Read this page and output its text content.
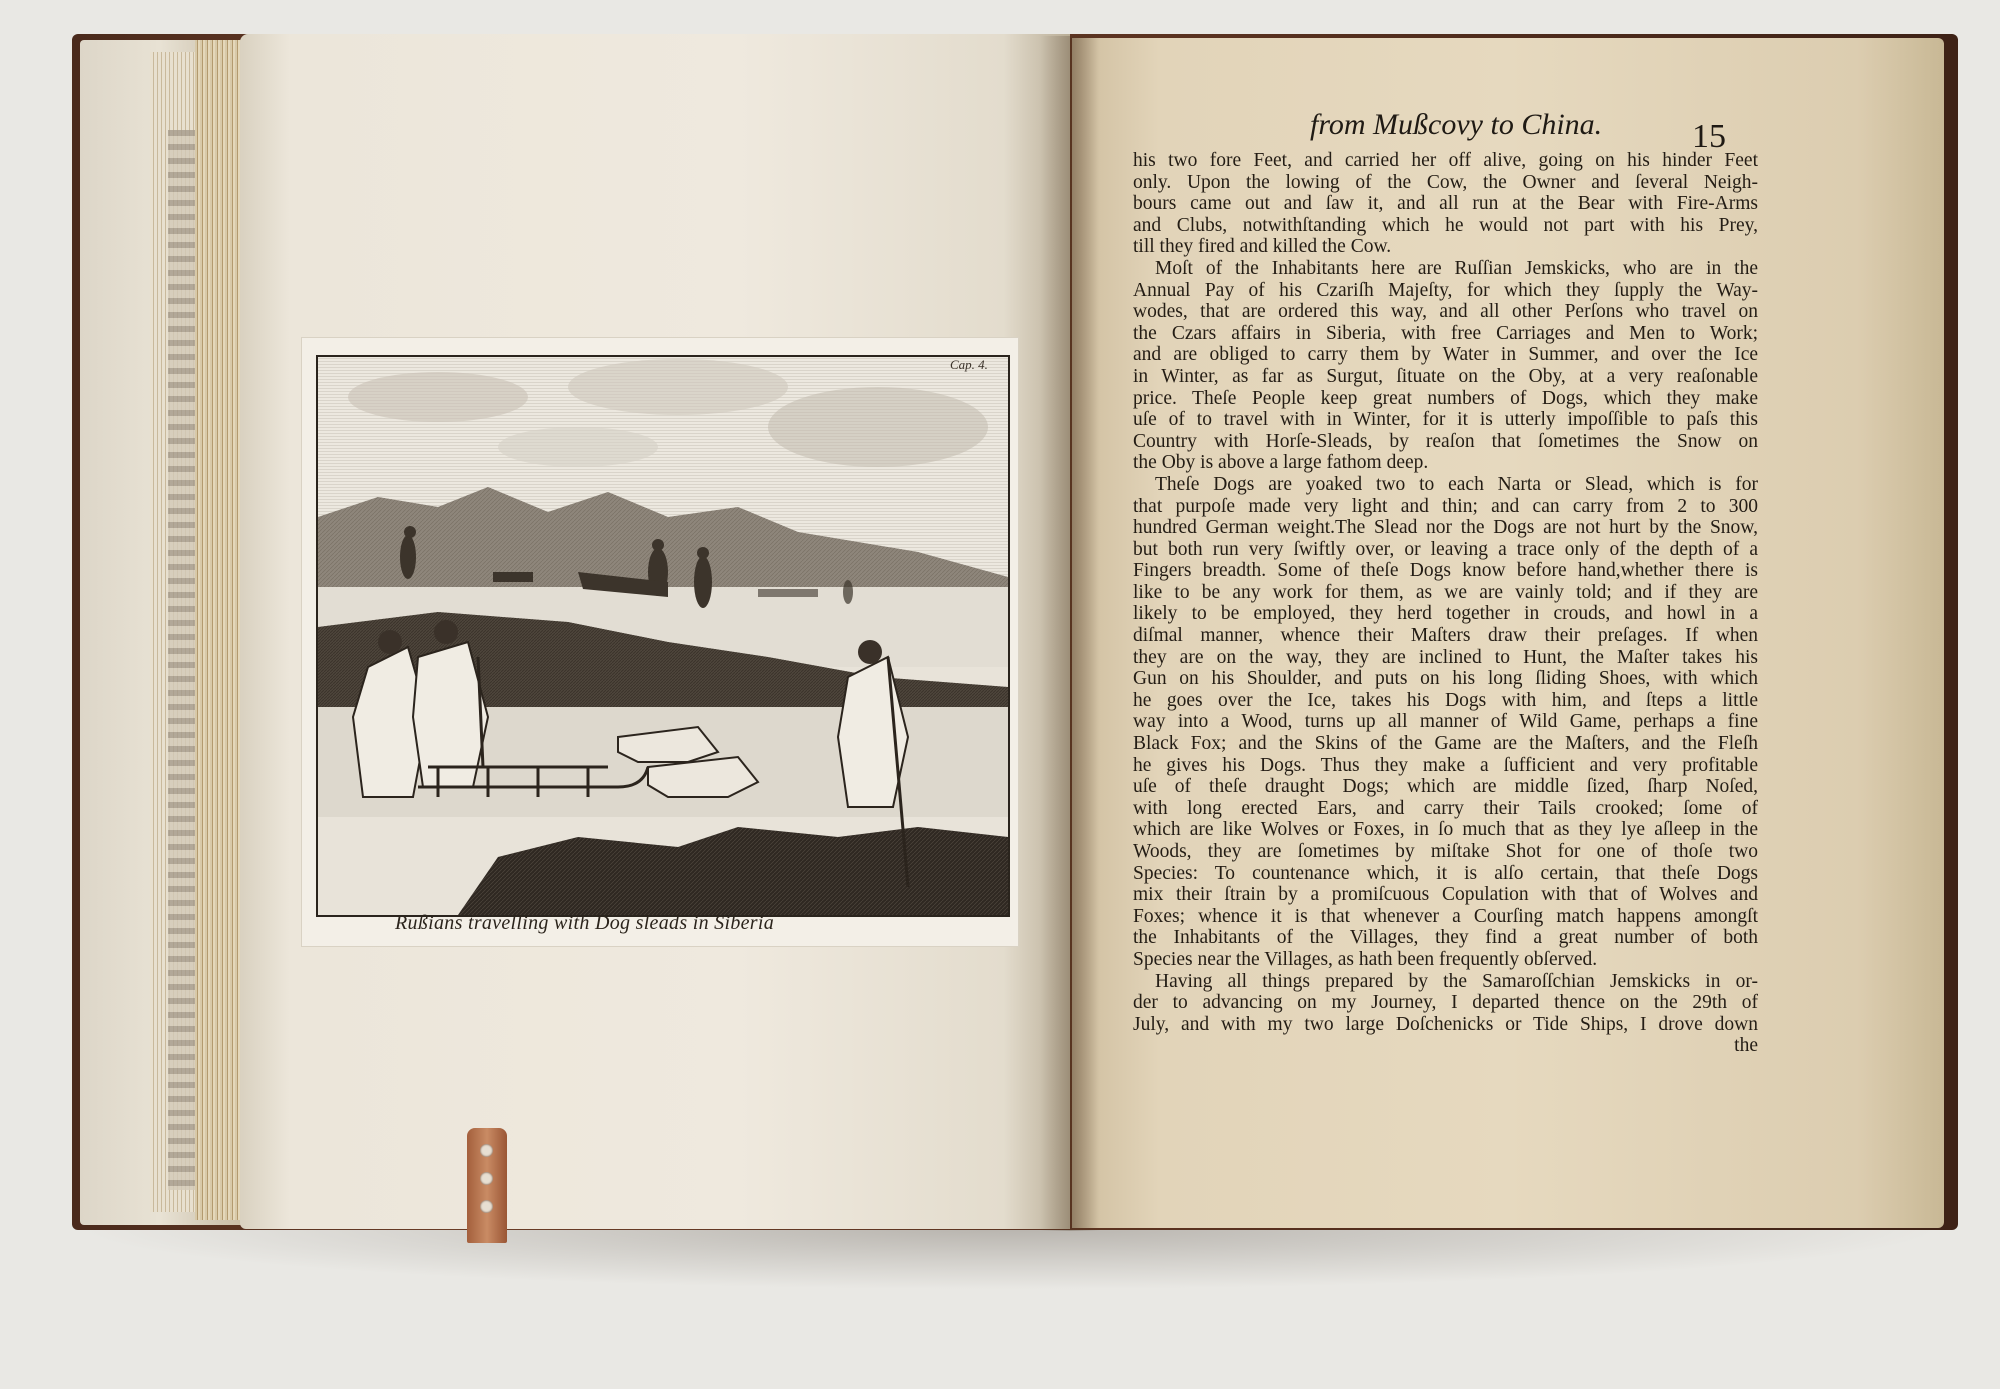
Cap. 4.
Rußians travelling with Dog sleads in Siberia
from Mußcovy to China.	15
his two fore Feet, and carried her off alive, going on his hinder Feet
only. Upon the lowing of the Cow, the Owner and ſeveral Neigh-
bours came out and ſaw it, and all run at the Bear with Fire-Arms
and Clubs, notwithſtanding which he would not part with his Prey,
till they fired and killed the Cow.
Moſt of the Inhabitants here are Ruſſian Jemskicks, who are in the
Annual Pay of his Czariſh Majeſty, for which they ſupply the Way-
wodes, that are ordered this way, and all other Perſons who travel on
the Czars affairs in Siberia, with free Carriages and Men to Work;
and are obliged to carry them by Water in Summer, and over the Ice
in Winter, as far as Surgut, ſituate on the Oby, at a very reaſonable
price. Theſe People keep great numbers of Dogs, which they make
uſe of to travel with in Winter, for it is utterly impoſſible to paſs this
Country with Horſe-Sleads, by reaſon that ſometimes the Snow on
the Oby is above a large fathom deep.
Theſe Dogs are yoaked two to each Narta or Slead, which is for
that purpoſe made very light and thin; and can carry from 2 to 300
hundred German weight.The Slead nor the Dogs are not hurt by the Snow,
but both run very ſwiftly over, or leaving a trace only of the depth of a
Fingers breadth. Some of theſe Dogs know before hand,whether there is
like to be any work for them, as we are vainly told; and if they are
likely to be employed, they herd together in crouds, and howl in a
diſmal manner, whence their Maſters draw their preſages. If when
they are on the way, they are inclined to Hunt, the Maſter takes his
Gun on his Shoulder, and puts on his long ſliding Shoes, with which
he goes over the Ice, takes his Dogs with him, and ſteps a little
way into a Wood, turns up all manner of Wild Game, perhaps a fine
Black Fox; and the Skins of the Game are the Maſters, and the Fleſh
he gives his Dogs. Thus they make a ſufficient and very profitable
uſe of theſe draught Dogs; which are middle ſized, ſharp Noſed,
with long erected Ears, and carry their Tails crooked; ſome of
which are like Wolves or Foxes, in ſo much that as they lye aſleep in the
Woods, they are ſometimes by miſtake Shot for one of thoſe two
Species: To countenance which, it is alſo certain, that theſe Dogs
mix their ſtrain by a promiſcuous Copulation with that of Wolves and
Foxes; whence it is that whenever a Courſing match happens amongſt
the Inhabitants of the Villages, they find a great number of both
Species near the Villages, as hath been frequently obſerved.
Having all things prepared by the Samaroſſchian Jemskicks in or-
der to advancing on my Journey, I departed thence on the 29th of
July, and with my two large Doſchenicks or Tide Ships, I drove down
the
